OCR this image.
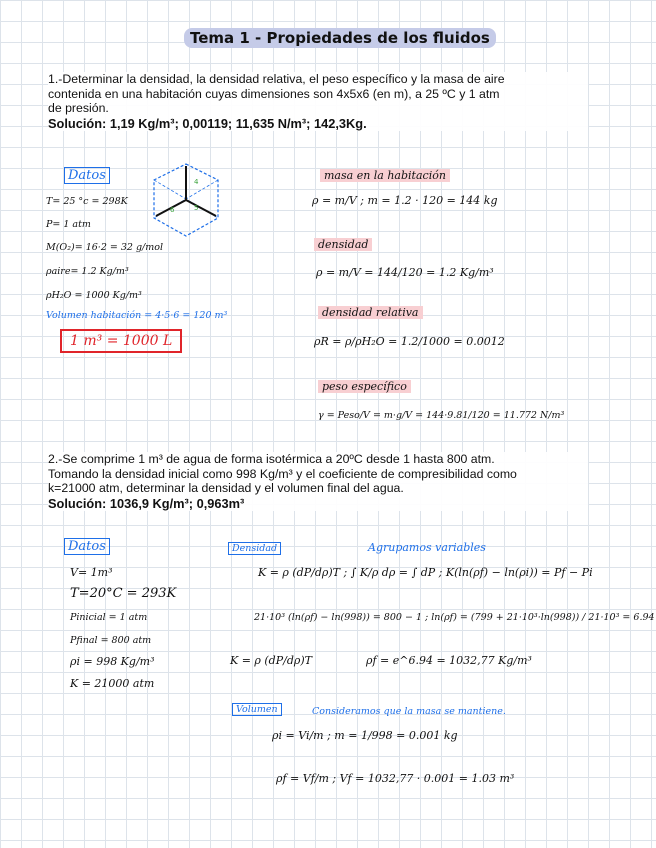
Tema 1 - Propiedades de los fluidos
1.-Determinar la densidad, la densidad relativa, el peso específico y la masa de aire
contenida en una habitación cuyas dimensiones son 4x5x6 (en m), a 25 ºC y 1 atm
de presión.
Solución: 1,19 Kg/m³; 0,00119; 11,635 N/m³; 142,3Kg.
Datos
T= 25 °c = 298K
P= 1 atm
M(O₂)= 16·2 = 32 g/mol
ρaire= 1.2 Kg/m³
ρH₂O = 1000 Kg/m³
Volumen habitación = 4·5·6 = 120 m³
1 m³ = 1000 L
4
6	5
masa en la habitación
ρ = m/V ; m = 1.2 · 120 = 144 kg
densidad
ρ = m/V = 144/120 = 1.2 Kg/m³
densidad relativa
ρR = ρ/ρH₂O = 1.2/1000 = 0.0012
peso específico
γ = Peso/V = m·g/V = 144·9.81/120 = 11.772 N/m³
2.-Se comprime 1 m³ de agua de forma isotérmica a 20ºC desde 1 hasta 800 atm.
Tomando la densidad inicial como 998 Kg/m³ y el coeficiente de compresibilidad como
k=21000 atm, determinar la densidad y el volumen final del agua.
Solución: 1036,9 Kg/m³; 0,963m³
Datos
V= 1m³
T=20°C = 293K
Pinicial = 1 atm
Pfinal = 800 atm
ρi = 998 Kg/m³
K = 21000 atm
Densidad	Agrupamos variables
K = ρ (dP/dρ)T ; ∫ K/ρ dρ = ∫ dP ; K(ln(ρf) − ln(ρi)) = Pf − Pi
21·10³ (ln(ρf) − ln(998)) = 800 − 1 ; ln(ρf) = (799 + 21·10³·ln(998)) / 21·10³ = 6.94
K = ρ (dP/dρ)T	ρf = e^6.94 = 1032,77 Kg/m³
Volumen	Consideramos que la masa se mantiene.
ρi = Vi/m ; m = 1/998 = 0.001 kg
ρf = Vf/m ; Vf = 1032,77 · 0.001 = 1.03 m³
